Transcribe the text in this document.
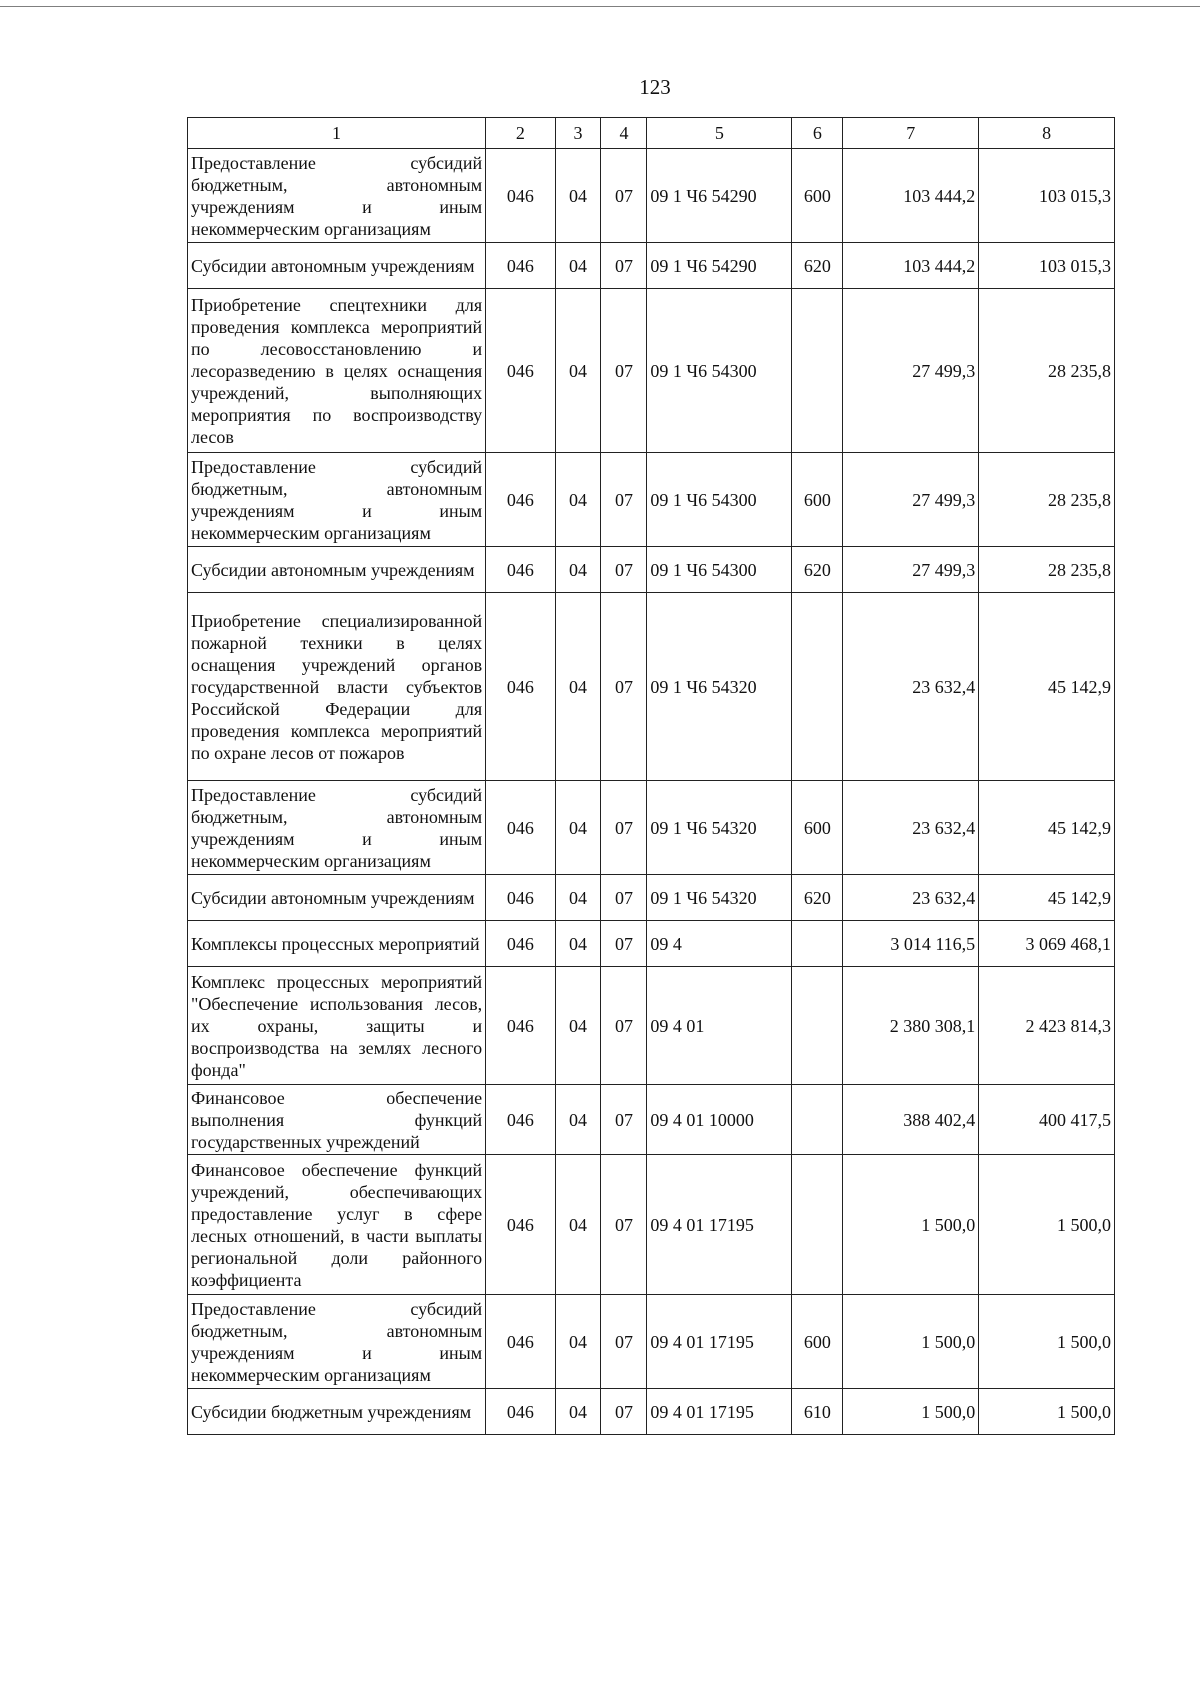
123
1	2	3	4	5	6	7	8
Предоставление субсидий бюджетным, автономным учреждениям и иным некоммерческим организациям	046	04	07	09 1 Ч6 54290	600	103 444,2	103 015,3
Субсидии автономным учреждениям	046	04	07	09 1 Ч6 54290	620	103 444,2	103 015,3
Приобретение спецтехники для проведения комплекса мероприятий по лесовосстановлению и лесоразведению в целях оснащения учреждений, выполняющих мероприятия по воспроизводству лесов	046	04	07	09 1 Ч6 54300		27 499,3	28 235,8
Предоставление субсидий бюджетным, автономным учреждениям и иным некоммерческим организациям	046	04	07	09 1 Ч6 54300	600	27 499,3	28 235,8
Субсидии автономным учреждениям	046	04	07	09 1 Ч6 54300	620	27 499,3	28 235,8
Приобретение специализированной пожарной техники в целях оснащения учреждений органов государственной власти субъектов Российской Федерации для проведения комплекса мероприятий по охране лесов от пожаров	046	04	07	09 1 Ч6 54320		23 632,4	45 142,9
Предоставление субсидий бюджетным, автономным учреждениям и иным некоммерческим организациям	046	04	07	09 1 Ч6 54320	600	23 632,4	45 142,9
Субсидии автономным учреждениям	046	04	07	09 1 Ч6 54320	620	23 632,4	45 142,9
Комплексы процессных мероприятий	046	04	07	09 4		3 014 116,5	3 069 468,1
Комплекс процессных мероприятий "Обеспечение использования лесов, их охраны, защиты и воспроизводства на землях лесного фонда"	046	04	07	09 4 01		2 380 308,1	2 423 814,3
Финансовое обеспечение выполнения функций государственных учреждений	046	04	07	09 4 01 10000		388 402,4	400 417,5
Финансовое обеспечение функций учреждений, обеспечивающих предоставление услуг в сфере лесных отношений, в части выплаты региональной доли районного коэффициента	046	04	07	09 4 01 17195		1 500,0	1 500,0
Предоставление субсидий бюджетным, автономным учреждениям и иным некоммерческим организациям	046	04	07	09 4 01 17195	600	1 500,0	1 500,0
Субсидии бюджетным учреждениям	046	04	07	09 4 01 17195	610	1 500,0	1 500,0
